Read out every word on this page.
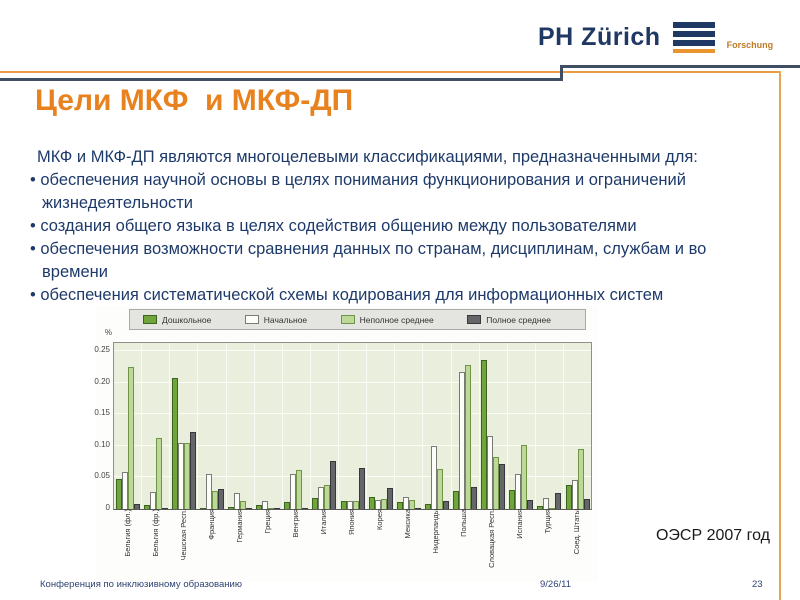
PH Zürich	Forschung
Цели МКФ  и МКФ-ДП
МКФ и МКФ-ДП являются многоцелевыми классификациями, предназначенными для:
• обеспечения научной основы в целях понимания функционирования и ограничений жизнедеятельности
• создания общего языка в целях содействия общению между пользователями
• обеспечения возможности сравнения данных по странам, дисциплинам, службам и во времени
• обеспечения систематической схемы кодирования для информационных систем
Дошкольное	Начальное	Неполное среднее	Полное среднее
%
0.25
0.20
0.15
0.10
0.05
0
Бельгия (фл.)	Бельгия (фр.)	Чешская Респ.	Франция	Германия	Греция	Венгрия	Италия	Япония	Корея	Мексика	Нидерланды	Польша	Словацкая Респ.	Испания	Турция	Соед. Штаты	ОЭСР 2007 год
Конференция по инклюзивному образованию	9/26/11	23
